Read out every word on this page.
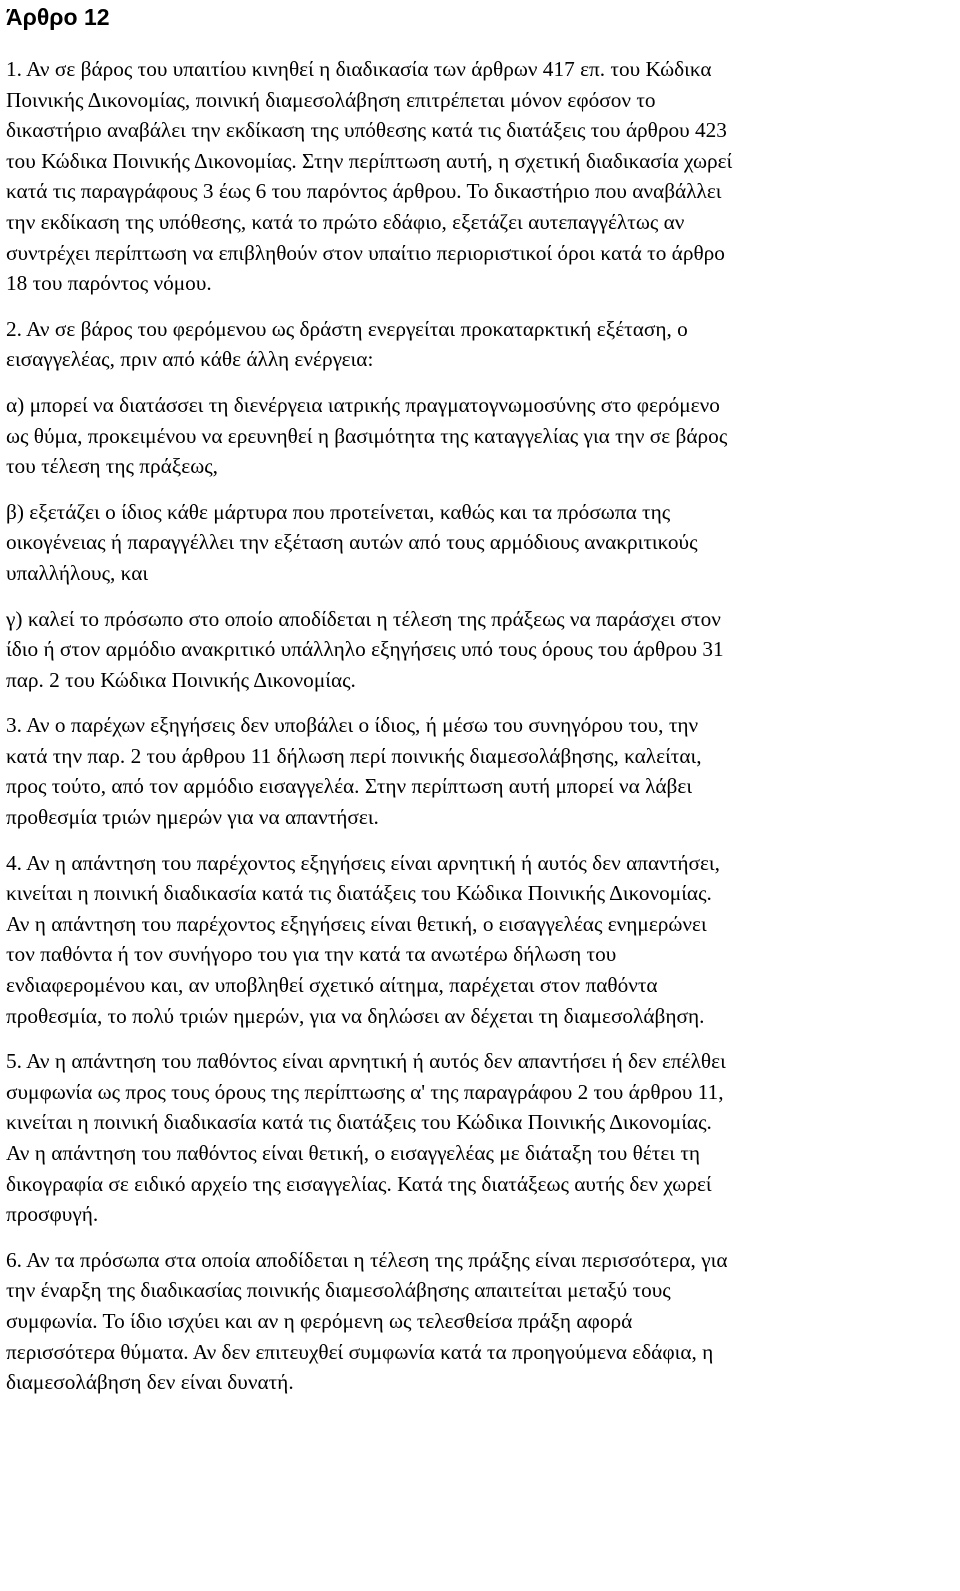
Άρθρο 12

1. Αν σε βάρος του υπαιτίου κινηθεί η διαδικασία των άρθρων 417 επ. του Κώδικα
Ποινικής Δικονομίας, ποινική διαμεσολάβηση επιτρέπεται μόνον εφόσον το
δικαστήριο αναβάλει την εκδίκαση της υπόθεσης κατά τις διατάξεις του άρθρου 423
του Κώδικα Ποινικής Δικονομίας. Στην περίπτωση αυτή, η σχετική διαδικασία χωρεί
κατά τις παραγράφους 3 έως 6 του παρόντος άρθρου. Το δικαστήριο που αναβάλλει
την εκδίκαση της υπόθεσης, κατά το πρώτο εδάφιο, εξετάζει αυτεπαγγέλτως αν
συντρέχει περίπτωση να επιβληθούν στον υπαίτιο περιοριστικοί όροι κατά το άρθρο
18 του παρόντος νόμου.

2. Αν σε βάρος του φερόμενου ως δράστη ενεργείται προκαταρκτική εξέταση, ο
εισαγγελέας, πριν από κάθε άλλη ενέργεια:

α) μπορεί να διατάσσει τη διενέργεια ιατρικής πραγματογνωμοσύνης στο φερόμενο
ως θύμα, προκειμένου να ερευνηθεί η βασιμότητα της καταγγελίας για την σε βάρος
του τέλεση της πράξεως,

β) εξετάζει ο ίδιος κάθε μάρτυρα που προτείνεται, καθώς και τα πρόσωπα της
οικογένειας ή παραγγέλλει την εξέταση αυτών από τους αρμόδιους ανακριτικούς
υπαλλήλους, και

γ) καλεί το πρόσωπο στο οποίο αποδίδεται η τέλεση της πράξεως να παράσχει στον
ίδιο ή στον αρμόδιο ανακριτικό υπάλληλο εξηγήσεις υπό τους όρους του άρθρου 31
παρ. 2 του Κώδικα Ποινικής Δικονομίας.

3. Αν ο παρέχων εξηγήσεις δεν υποβάλει ο ίδιος, ή μέσω του συνηγόρου του, την
κατά την παρ. 2 του άρθρου 11 δήλωση περί ποινικής διαμεσολάβησης, καλείται,
προς τούτο, από τον αρμόδιο εισαγγελέα. Στην περίπτωση αυτή μπορεί να λάβει
προθεσμία τριών ημερών για να απαντήσει.

4. Αν η απάντηση του παρέχοντος εξηγήσεις είναι αρνητική ή αυτός δεν απαντήσει,
κινείται η ποινική διαδικασία κατά τις διατάξεις του Κώδικα Ποινικής Δικονομίας.
Αν η απάντηση του παρέχοντος εξηγήσεις είναι θετική, ο εισαγγελέας ενημερώνει
τον παθόντα ή τον συνήγορο του για την κατά τα ανωτέρω δήλωση του
ενδιαφερομένου και, αν υποβληθεί σχετικό αίτημα, παρέχεται στον παθόντα
προθεσμία, το πολύ τριών ημερών, για να δηλώσει αν δέχεται τη διαμεσολάβηση.

5. Αν η απάντηση του παθόντος είναι αρνητική ή αυτός δεν απαντήσει ή δεν επέλθει
συμφωνία ως προς τους όρους της περίπτωσης α' της παραγράφου 2 του άρθρου 11,
κινείται η ποινική διαδικασία κατά τις διατάξεις του Κώδικα Ποινικής Δικονομίας.
Αν η απάντηση του παθόντος είναι θετική, ο εισαγγελέας με διάταξη του θέτει τη
δικογραφία σε ειδικό αρχείο της εισαγγελίας. Κατά της διατάξεως αυτής δεν χωρεί
προσφυγή.

6. Αν τα πρόσωπα στα οποία αποδίδεται η τέλεση της πράξης είναι περισσότερα, για
την έναρξη της διαδικασίας ποινικής διαμεσολάβησης απαιτείται μεταξύ τους
συμφωνία. Το ίδιο ισχύει και αν η φερόμενη ως τελεσθείσα πράξη αφορά
περισσότερα θύματα. Αν δεν επιτευχθεί συμφωνία κατά τα προηγούμενα εδάφια, η
διαμεσολάβηση δεν είναι δυνατή.
